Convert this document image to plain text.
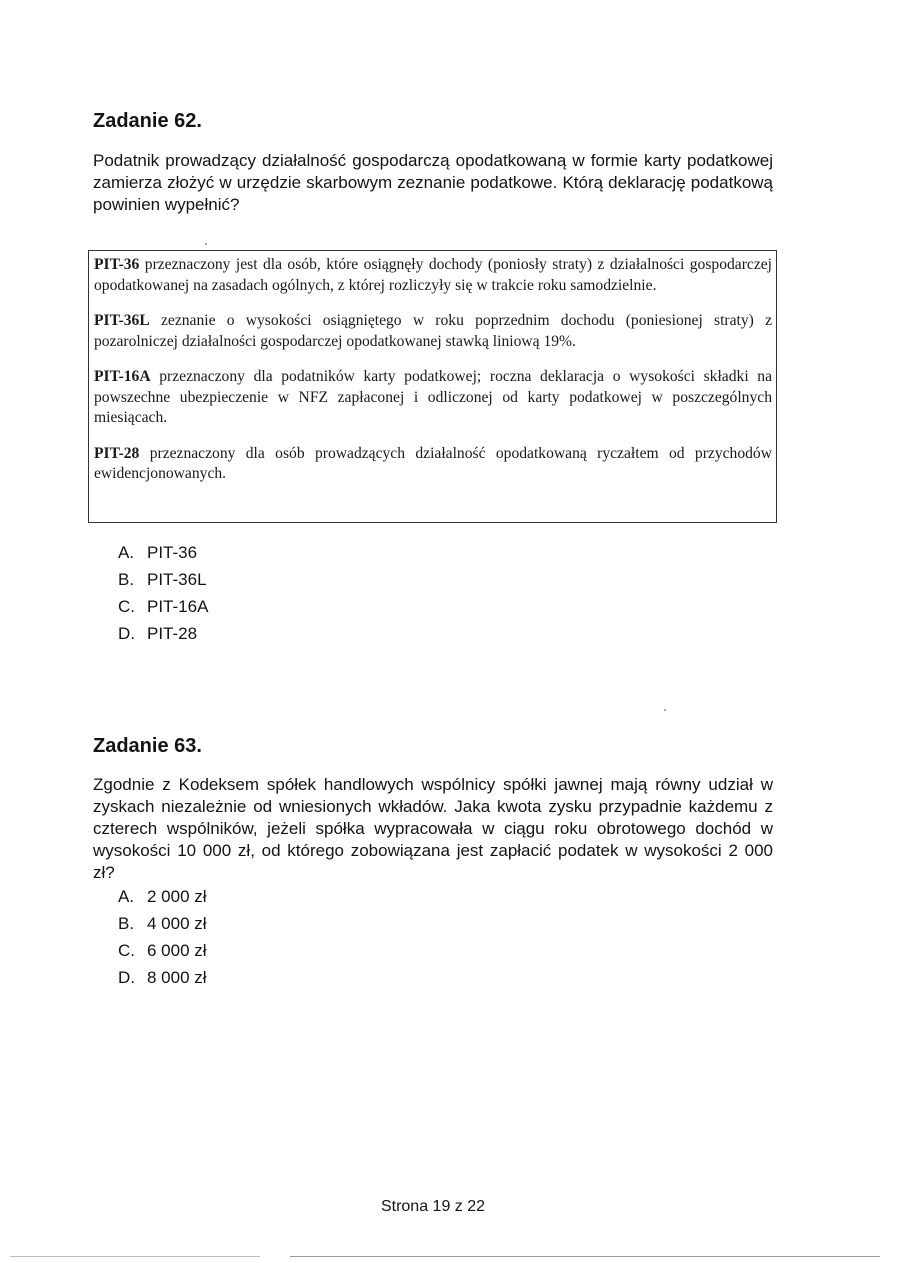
Zadanie 62.

Podatnik prowadzący działalność gospodarczą opodatkowaną w formie karty podatkowej zamierza złożyć w urzędzie skarbowym zeznanie podatkowe. Którą deklarację podatkową powinien wypełnić?

PIT-36 przeznaczony jest dla osób, które osiągnęły dochody (poniosły straty) z działalności gospodarczej opodatkowanej na zasadach ogólnych, z której rozliczyły się w trakcie roku samodzielnie.

PIT-36L zeznanie o wysokości osiągniętego w roku poprzednim dochodu (poniesionej straty) z pozarolniczej działalności gospodarczej opodatkowanej stawką liniową 19%.

PIT-16A przeznaczony dla podatników karty podatkowej; roczna deklaracja o wysokości składki na powszechne ubezpieczenie w NFZ zapłaconej i odliczonej od karty podatkowej w poszczególnych miesiącach.

PIT-28 przeznaczony dla osób prowadzących działalność opodatkowaną ryczałtem od przychodów ewidencjonowanych.

A. PIT-36
B. PIT-36L
C. PIT-16A
D. PIT-28
Zadanie 63.

Zgodnie z Kodeksem spółek handlowych wspólnicy spółki jawnej mają równy udział w zyskach niezależnie od wniesionych wkładów. Jaka kwota zysku przypadnie każdemu z czterech wspólników, jeżeli spółka wypracowała w ciągu roku obrotowego dochód w wysokości 10 000 zł, od którego zobowiązana jest zapłacić podatek w wysokości 2 000 zł?

A. 2 000 zł
B. 4 000 zł
C. 6 000 zł
D. 8 000 zł
Strona 19 z 22
